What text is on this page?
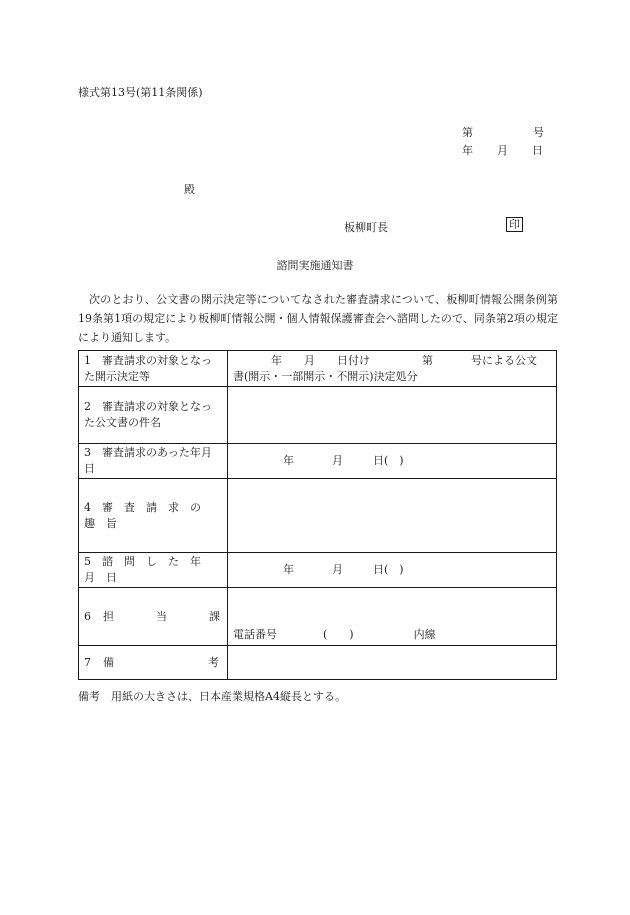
様式第13号(第11条関係)
第	号
年 月 日
殿
板柳町長	印
諮問実施通知書
次のとおり、公文書の開示決定等についてなされた審査請求について、板柳町情報公開条例第19条第1項の規定により板柳町情報公開・個人情報保護審査会へ諮問したので、同条第2項の規定により通知します。
1　審査請求の対象となった開示決定等	年 月 日付け 第 号による公文
書(開示・一部開示・不開示)決定処分

2　審査請求の対象となった公文書の件名	
3　審査請求のあった年月日	年 月 日(　)

4　審　査　請　求　の　趣　旨	
5　諮　問　し　た　年　月　日	年 月 日(　)

6 担 当 課	電話番号 (　　) 内線

7 備 考	

備考　用紙の大きさは、日本産業規格A4縦長とする。
